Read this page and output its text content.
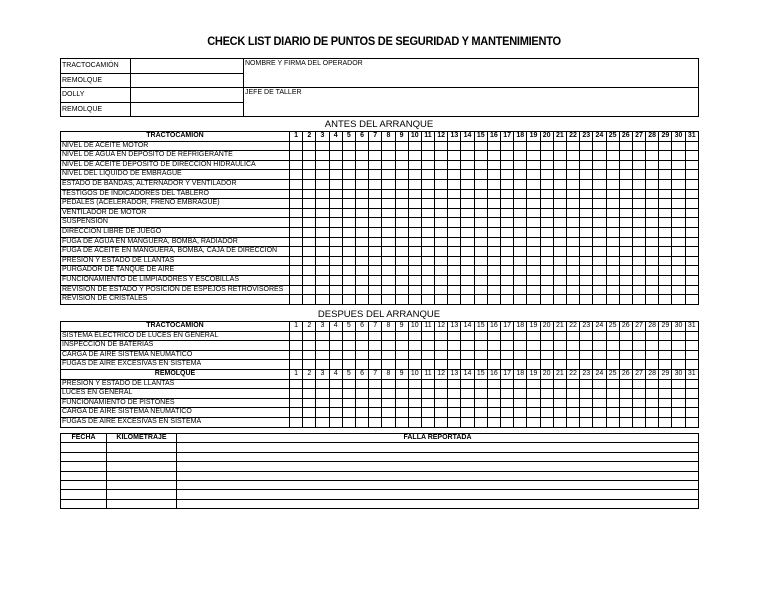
CHECK LIST DIARIO DE PUNTOS DE SEGURIDAD Y MANTENIMIENTO
TRACTOCAMIÓN		NOMBRE Y FIRMA DEL OPERADOR
REMOLQUE		
DOLLY		JEFE DE TALLER
REMOLQUE		
ANTES DEL ARRANQUE
TRACTOCAMION	1	2	3	4	5	6	7	8	9	10	11	12	13	14	15	16	17	18	19	20	21	22	23	24	25	26	27	28	29	30	31
NIVEL DE ACEITE MOTOR																															
NIVEL DE AGUA EN DEPOSITO DE REFRIGERANTE																															
NIVEL DE ACEITE DEPOSITO DE DIRECCIÓN HIDRÁULICA																															
NIVEL DEL LIQUIDO DE EMBRAGUE																															
ESTADO DE BANDAS, ALTERNADOR Y VENTILADOR																															
TESTIGOS DE INDICADORES DEL TABLERO																															
PEDALES (ACELERADOR, FRENO EMBRAGUE)																															
VENTILADOR DE MOTOR																															
SUSPENSIÓN																															
DIRECCIÓN LIBRE DE JUEGO																															
FUGA DE AGUA EN MANGUERA, BOMBA, RADIADOR																															
FUGA DE ACEITE EN MANGUERA, BOMBA, CAJA DE DIRECCIÓN																															
PRESIÓN Y ESTADO DE LLANTAS																															
PURGADOR DE TANQUE DE AIRE																															
FUNCIONAMIENTO DE LIMPIADORES Y ESCOBILLAS																															
REVISIÓN DE ESTADO Y POSICIÓN DE ESPEJOS RETROVISORES																															
REVISIÓN DE CRISTALES																															
DESPUES DEL ARRANQUE
TRACTOCAMIÓN	1	2	3	4	5	6	7	8	9	10	11	12	13	14	15	16	17	18	19	20	21	22	23	24	25	26	27	28	29	30	31
SISTEMA ELÉCTRICO DE LUCES EN GENERAL																															
INSPECCIÓN DE BATERÍAS																															
CARGA DE AIRE SISTEMA NEUMÁTICO																															
FUGAS DE AIRE EXCESIVAS EN SISTEMA																															
REMOLQUE	1	2	3	4	5	6	7	8	9	10	11	12	13	14	15	16	17	18	19	20	21	22	23	24	25	26	27	28	29	30	31
PRESIÓN Y ESTADO DE LLANTAS																															
LUCES EN GENERAL																															
FUNCIONAMIENTO DE PISTONES																															
CARGA DE AIRE SISTEMA NEUMATICO																															
FUGAS DE AIRE EXCESIVAS EN SISTEMA																															
FECHA	KILOMETRAJE	FALLA REPORTADA
